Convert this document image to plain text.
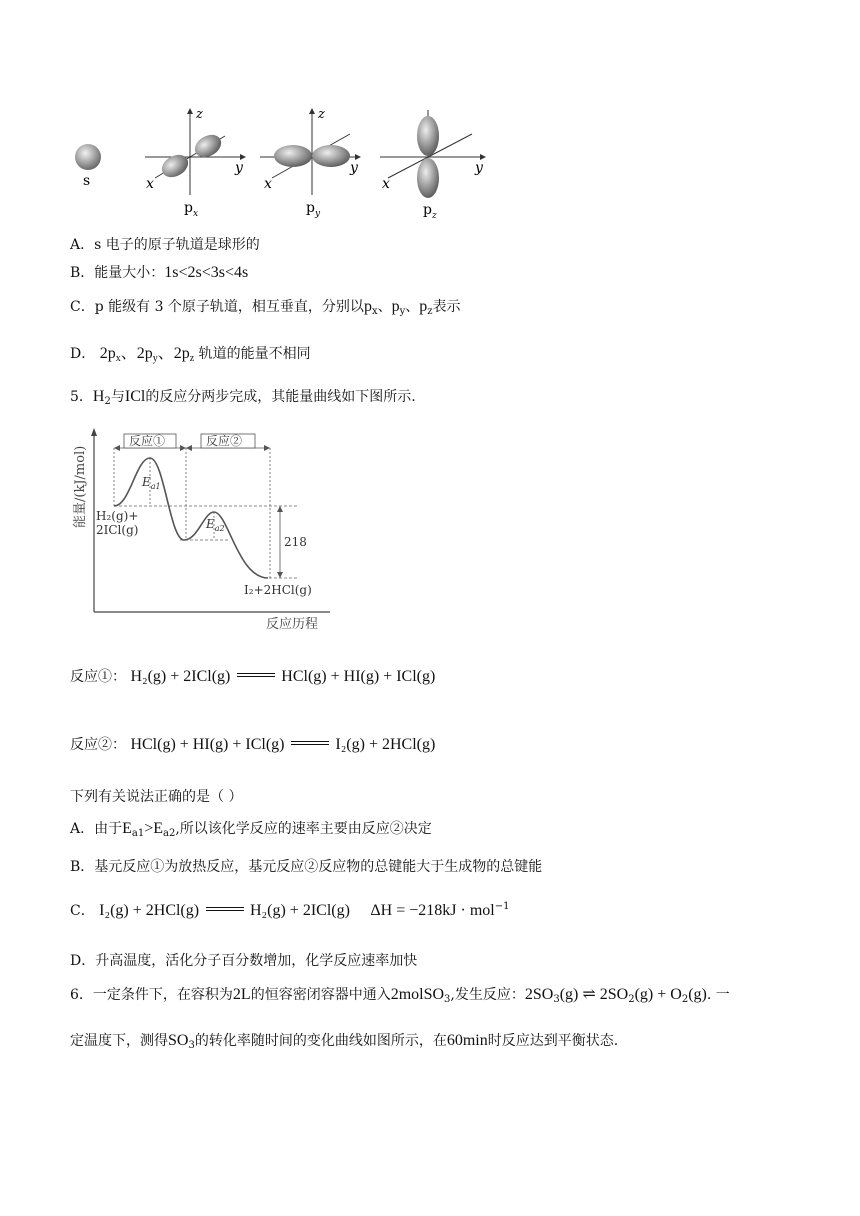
s
z
y
x
$p_x$
z
y
x
$p_y$
y
x
$p_z$
A．s 电子的原子轨道是球形的
B．能量大小：1s<2s<3s<4s
C．p 能级有 3 个原子轨道，相互垂直，分别以$p_x$、$p_y$、$p_z$表示
D． $2p_x$、$2p_y$、$2p_z$ 轨道的能量不相同
5．$H_2$与ICl的反应分两步完成，其能量曲线如下图所示.
能量/(kJ/mol)
反应历程
反应①	反应②
$E_{a1}$
$E_{a2}$
H₂(g)+
2ICl(g)
218
I₂+2HCl(g)
反应①： H₂(g) + 2ICl(g)	HCl(g) + HI(g) + ICl(g)
反应②： HCl(g) + HI(g) + ICl(g)	I₂(g) + 2HCl(g)
下列有关说法正确的是（ ）
A．由于$E_{a1}>E_{a2}$,所以该化学反应的速率主要由反应②决定
B．基元反应①为放热反应，基元反应②反应物的总键能大于生成物的总键能
C． I₂(g) + 2HCl(g)	H₂(g) + 2ICl(g) ΔH = −218kJ · mol$^{-1}$
D．升高温度，活化分子百分数增加，化学反应速率加快
6．一定条件下，在容积为2L的恒容密闭容器中通入2molSO$_3$,发生反应：$2SO_3(g)$ ⇌ $2SO_2(g) + O_2(g)$. 一
定温度下，测得$SO_3$的转化率随时间的变化曲线如图所示，在60min时反应达到平衡状态.
